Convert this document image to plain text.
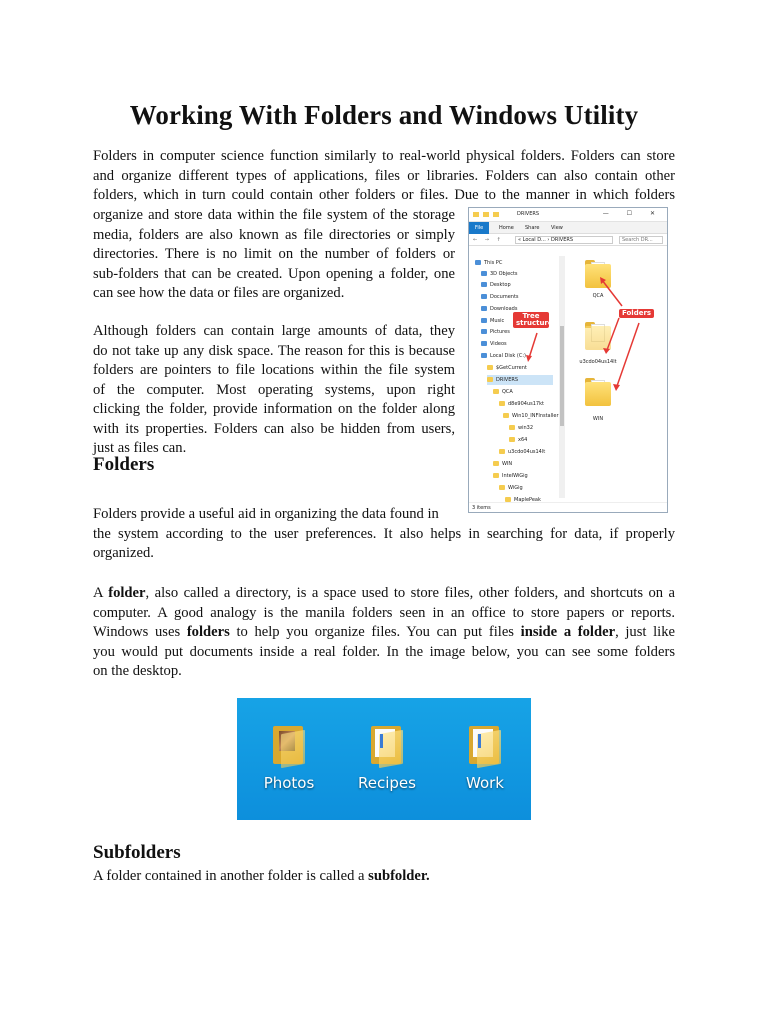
Working With Folders and Windows Utility
Folders in computer science function similarly to real-world physical folders. Folders can store
and organize different types of applications, files or libraries. Folders can also contain other
folders, which in turn could contain other folders or files. Due to the manner in which folders
organize and store data within the file system of the storage
media, folders are also known as file directories or simply
directories. There is no limit on the number of folders or
sub-folders that can be created. Upon opening a folder, one
can see how the data or files are organized.
Although folders can contain large amounts of data, they
do not take up any disk space. The reason for this is because
folders are pointers to file locations within the file system
of the computer. Most operating systems, upon right
clicking the folder, provide information on the folder along
with its properties. Folders can also be hidden from users,
just as files can.
DRIVERS	— ☐ ✕
File	Home Share View
← → ↑	« Local D... › DRIVERS	Search DR...
This PC
3D Objects
Desktop
Documents
Downloads
Music
Pictures
Videos
Local Disk (C:)
$GetCurrent
DRIVERS
QCA
d8e904us17kt
Win10_INFInstaller
win32
x64
u3cdo04us14lt
WIN
IntelWiGig
WiGig
MaplePeak
QCA
u3cdo04us14lt
WIN
Tree structure
Folders
3 items
Folders
Folders provide a useful aid in organizing the data found in
the system according to the user preferences. It also helps in searching for data, if properly
organized.
A folder, also called a directory, is a space used to store files, other folders, and shortcuts on a
computer. A good analogy is the manila folders seen in an office to store papers or reports.
Windows uses folders to help you organize files. You can put files inside a folder, just like
you would put documents inside a real folder. In the image below, you can see some folders
on the desktop.
Photos	Recipes	Work
Subfolders
A folder contained in another folder is called a subfolder.
